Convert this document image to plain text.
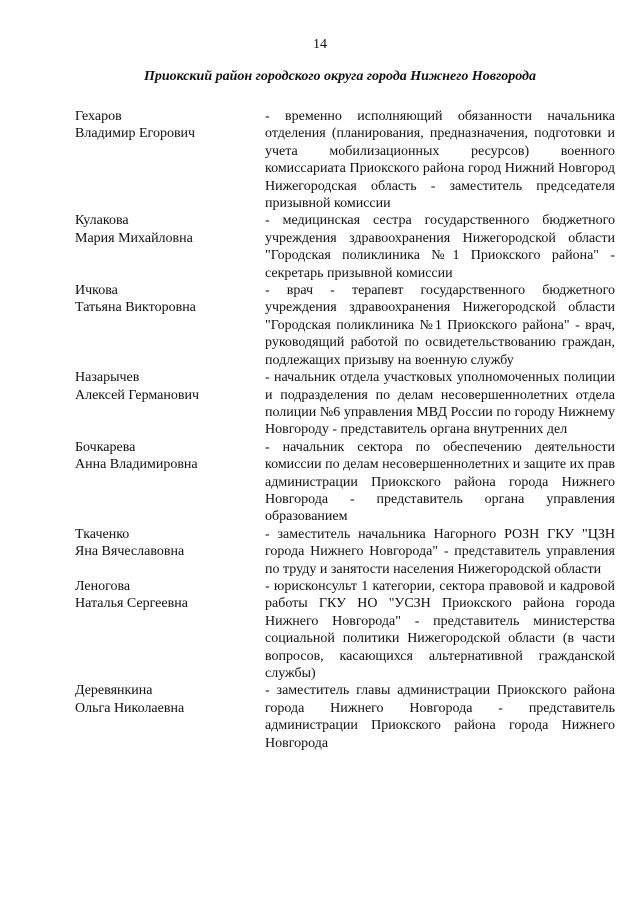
14
Приокский район городского округа города Нижнего Новгорода
Гехаров
Владимир Егорович
- временно исполняющий обязанности начальника отделения (планирования, предназначения, подготовки и учета мобилизационных ресурсов) военного комиссариата Приокского района город Нижний Новгород Нижегородская область - заместитель председателя призывной комиссии
Кулакова
Мария Михайловна
- медицинская сестра государственного бюджетного учреждения здравоохранения Нижегородской области "Городская поликлиника №1 Приокского района" - секретарь призывной комиссии
Ичкова
Татьяна Викторовна
- врач - терапевт государственного бюджетного учреждения здравоохранения Нижегородской области "Городская поликлиника №1 Приокского района" - врач, руководящий работой по освидетельствованию граждан, подлежащих призыву на военную службу
Назарычев
Алексей Германович
- начальник отдела участковых уполномоченных полиции и подразделения по делам несовершеннолетних отдела полиции №6 управления МВД России по городу Нижнему Новгороду - представитель органа внутренних дел
Бочкарева
Анна Владимировна
- начальник сектора по обеспечению деятельности комиссии по делам несовершеннолетних и защите их прав администрации Приокского района города Нижнего Новгорода - представитель органа управления образованием
Ткаченко
Яна Вячеславовна
- заместитель начальника Нагорного РОЗН ГКУ "ЦЗН города Нижнего Новгорода" - представитель управления по труду и занятости населения Нижегородской области
Леногова
Наталья Сергеевна
- юрисконсульт 1 категории, сектора правовой и кадровой работы ГКУ НО "УСЗН Приокского района города Нижнего Новгорода" - представитель министерства социальной политики Нижегородской области (в части вопросов, касающихся альтернативной гражданской службы)
Деревянкина
Ольга Николаевна
- заместитель главы администрации Приокского района города Нижнего Новгорода - представитель администрации Приокского района города Нижнего Новгорода
